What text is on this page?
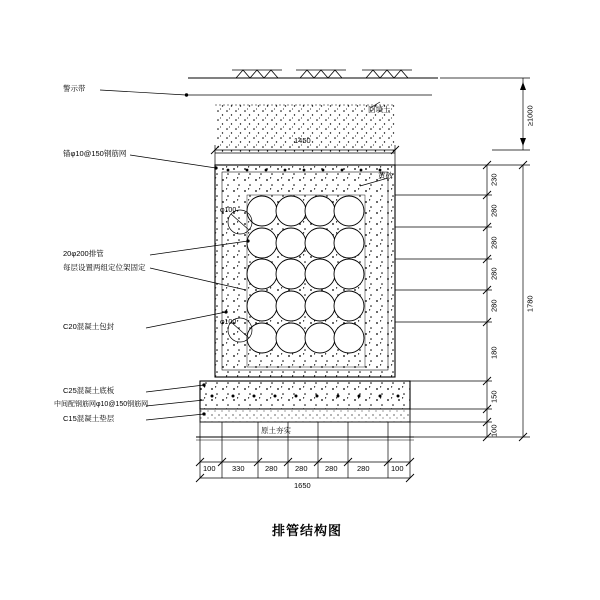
警示带
锚φ10@150钢筋网
20φ200排管
每层设置两组定位架固定
C20混凝土包封
C25混凝土底板
中间配钢筋网φ10@150钢筋网
C15混凝土垫层
回填土
黄砂
原土夯实
φ100
φ100
1450
100 330	280 280 280	280	100
1650
230
280
280
280
280
180
150
100
1780
≥1000
排管结构图
